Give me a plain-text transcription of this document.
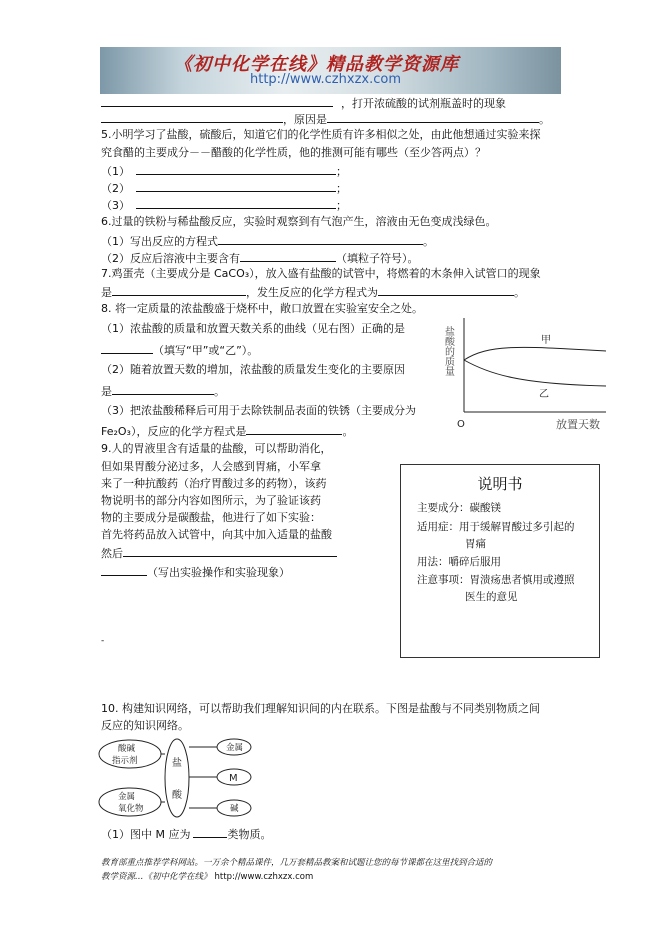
《初中化学在线》精品教学资源库
http://www.czhxzx.com
，打开浓硫酸的试剂瓶盖时的现象
，原因是	。
5.小明学习了盐酸，硫酸后，知道它们的化学性质有许多相似之处，由此他想通过实验来探
究食醋的主要成分－－醋酸的化学性质，他的推测可能有哪些（至少答两点）？
（1）	；
（2）	；
（3）	；
6.过量的铁粉与稀盐酸反应，实验时观察到有气泡产生，溶液由无色变成浅绿色。
（1）写出反应的方程式	。
（2）反应后溶液中主要含有	（填粒子符号）。
7.鸡蛋壳（主要成分是 CaCO₃），放入盛有盐酸的试管中，将燃着的木条伸入试管口的现象
是	，发生反应的化学方程式为	。
8. 将一定质量的浓盐酸盛于烧杯中，敞口放置在实验室安全之处。
（1）浓盐酸的质量和放置天数关系的曲线（见右图）正确的是
（填写“甲”或“乙”）。
（2）随着放置天数的增加，浓盐酸的质量发生变化的主要原因
是	。
（3）把浓盐酸稀释后可用于去除铁制品表面的铁锈（主要成分为
Fe₂O₃），反应的化学方程式是	。
盐酸的质量
放置天数
O
甲
乙
9.人的胃液里含有适量的盐酸，可以帮助消化，
但如果胃酸分泌过多，人会感到胃痛，小军拿
来了一种抗酸药（治疗胃酸过多的药物），该药
物说明书的部分内容如图所示，为了验证该药
物的主要成分是碳酸盐，他进行了如下实验：
首先将药品放入试管中，向其中加入适量的盐酸
然后
（写出实验操作和实验现象）
-
说明书
主要成分：碳酸镁
适用症：用于缓解胃酸过多引起的
胃痛
用法：嚼碎后服用
注意事项：胃溃疡患者慎用或遵照
医生的意见
10. 构建知识网络，可以帮助我们理解知识间的内在联系。下图是盐酸与不同类别物质之间
反应的知识网络。
酸碱
指示剂
金属
氧化物
盐
酸
金属
M
碱
（1）图中 M 应为	类物质。
教育部重点推荐学科网站。一万余个精品课件，几万套精品教案和试题让您的每节课都在这里找到合适的
教学资源…《初中化学在线》 http://www.czhxzx.com
